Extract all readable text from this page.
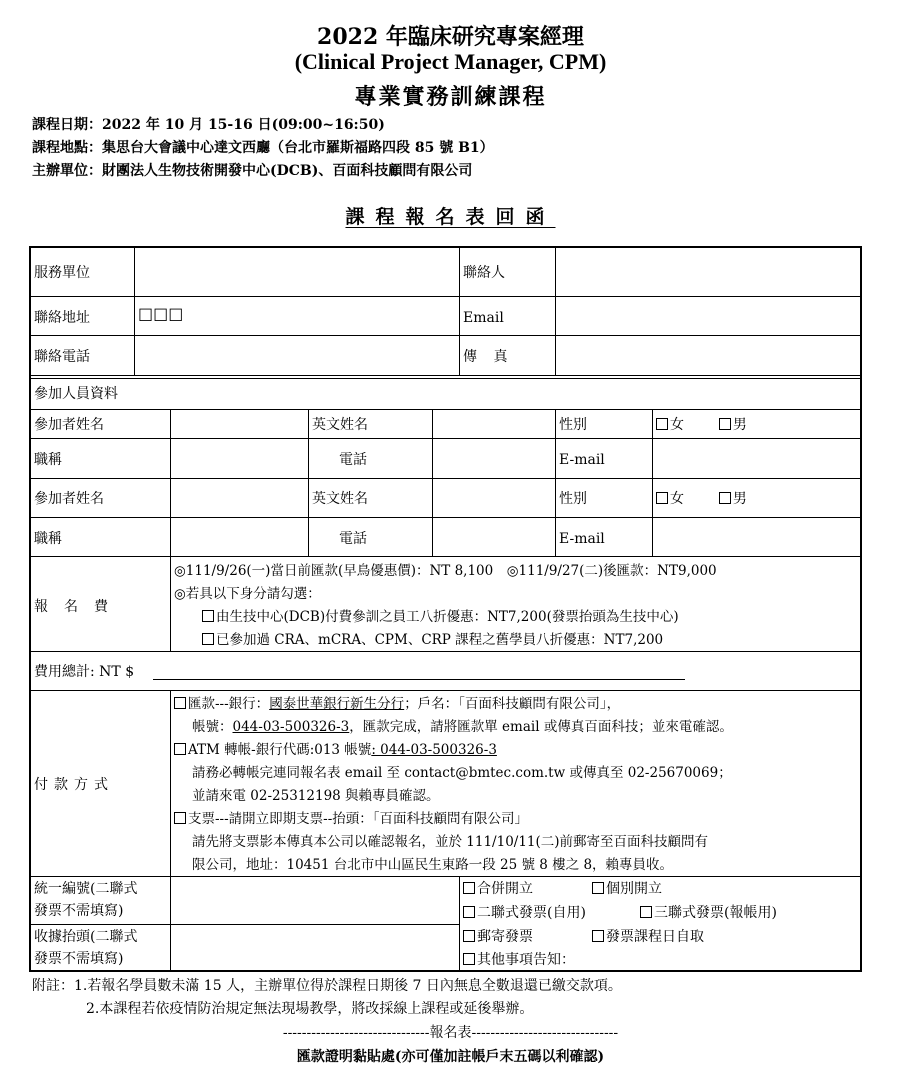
2022 年臨床研究專案經理
(Clinical Project Manager, CPM)
專業實務訓練課程
課程日期：2022 年 10 月 15-16 日(09:00~16:50)
課程地點：集思台大會議中心達文西廳（台北市羅斯福路四段 85 號 B1）
主辦單位：財團法人生物技術開發中心(DCB)、百面科技顧問有限公司
課程報名表回函
服務單位	聯絡人
聯絡地址	□□□	Email
聯絡電話	傳 真
參加人員資料
參加者姓名	英文姓名	性別	女	男
職稱	電話	E-mail
參加者姓名	英文姓名	性別	女	男
職稱	電話	E-mail
報名費
◎111/9/26(一)當日前匯款(早鳥優惠價)：NT 8,100　◎111/9/27(二)後匯款：NT9,000
◎若具以下身分請勾選：
由生技中心(DCB)付費參訓之員工八折優惠：NT7,200(發票抬頭為生技中心)
已參加過 CRA、mCRA、CPM、CRP 課程之舊學員八折優惠：NT7,200
費用總計: NT $
付款方式
匯款---銀行：國泰世華銀行新生分行；戶名：「百面科技顧問有限公司」，
帳號：044-03-500326-3，匯款完成，請將匯款單 email 或傳真百面科技；並來電確認。
ATM 轉帳-銀行代碼:013 帳號: 044-03-500326-3
請務必轉帳完連同報名表 email 至 contact@bmtec.com.tw 或傳真至 02-25670069；
並請來電 02-25312198 與賴專員確認。
支票---請開立即期支票--抬頭：「百面科技顧問有限公司」
請先將支票影本傳真本公司以確認報名，並於 111/10/11(二)前郵寄至百面科技顧問有
限公司，地址：10451 台北市中山區民生東路一段 25 號 8 樓之 8，賴專員收。
統一編號(二聯式
發票不需填寫)
收據抬頭(二聯式
發票不需填寫)
合併開立	個別開立
二聯式發票(自用)	三聯式發票(報帳用)
郵寄發票	發票課程日自取
其他事項告知：
附註：1.若報名學員數未滿 15 人，主辦單位得於課程日期後 7 日內無息全數退還已繳交款項。
2.本課程若依疫情防治規定無法現場教學，將改採線上課程或延後舉辦。
-------------------------------報名表-------------------------------
匯款證明黏貼處(亦可僅加註帳戶末五碼以利確認)
